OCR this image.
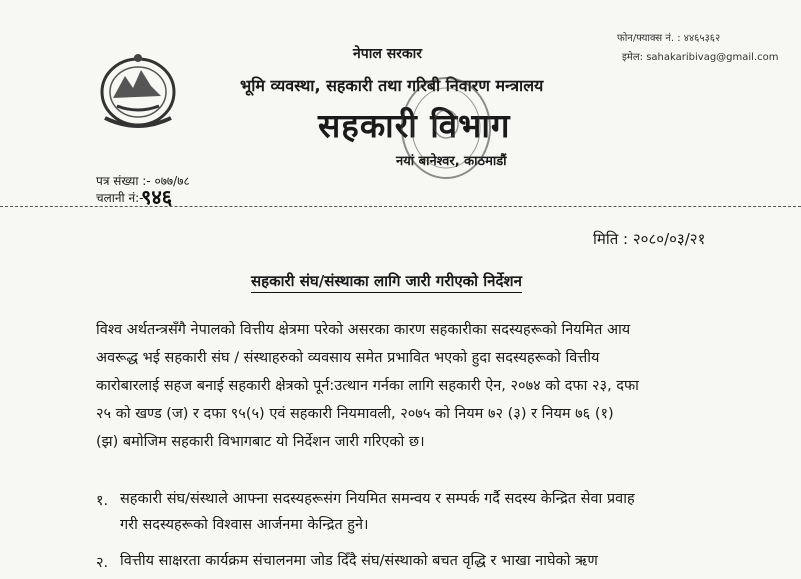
फोन/फ्याक्स नं. : ४४६५३६२
इमेल: sahakaribivag@gmail.com
नेपाल सरकार
भूमि व्यवस्था, सहकारी तथा गरिबी निवारण मन्त्रालय
सहकारी विभाग
नयां बानेश्वर, काठमाडौं
पत्र संख्या :- ०७७/७८
चलानी नं:-
९४६
मिति : २०८०/०३/२१
सहकारी संघ/संस्थाका लागि जारी गरीएको निर्देशन
विश्व अर्थतन्त्रसँगै नेपालको वित्तीय क्षेत्रमा परेको असरका कारण सहकारीका सदस्यहरूको नियमित आय
अवरूद्ध भई सहकारी संघ / संस्थाहरुको व्यवसाय समेत प्रभावित भएको हुदा सदस्यहरूको वित्तीय
कारोबारलाई सहज बनाई सहकारी क्षेत्रको पूर्न:उत्थान गर्नका लागि सहकारी ऐन, २०७४ को दफा २३, दफा
२५ को खण्ड (ज) र दफा ९५(५) एवं सहकारी नियमावली, २०७५ को नियम ७२ (३) र नियम ७६ (१)
(झ) बमोजिम सहकारी विभागबाट यो निर्देशन जारी गरिएको छ।
१. सहकारी संघ/संस्थाले आफ्ना सदस्यहरूसंग नियमित समन्वय र सम्पर्क गर्दै सदस्य केन्द्रित सेवा प्रवाह
गरी सदस्यहरूको विश्वास आर्जनमा केन्द्रित हुने।
२. वित्तीय साक्षरता कार्यक्रम संचालनमा जोड दिँदै संघ/संस्थाको बचत वृद्धि र भाखा नाघेको ऋण
